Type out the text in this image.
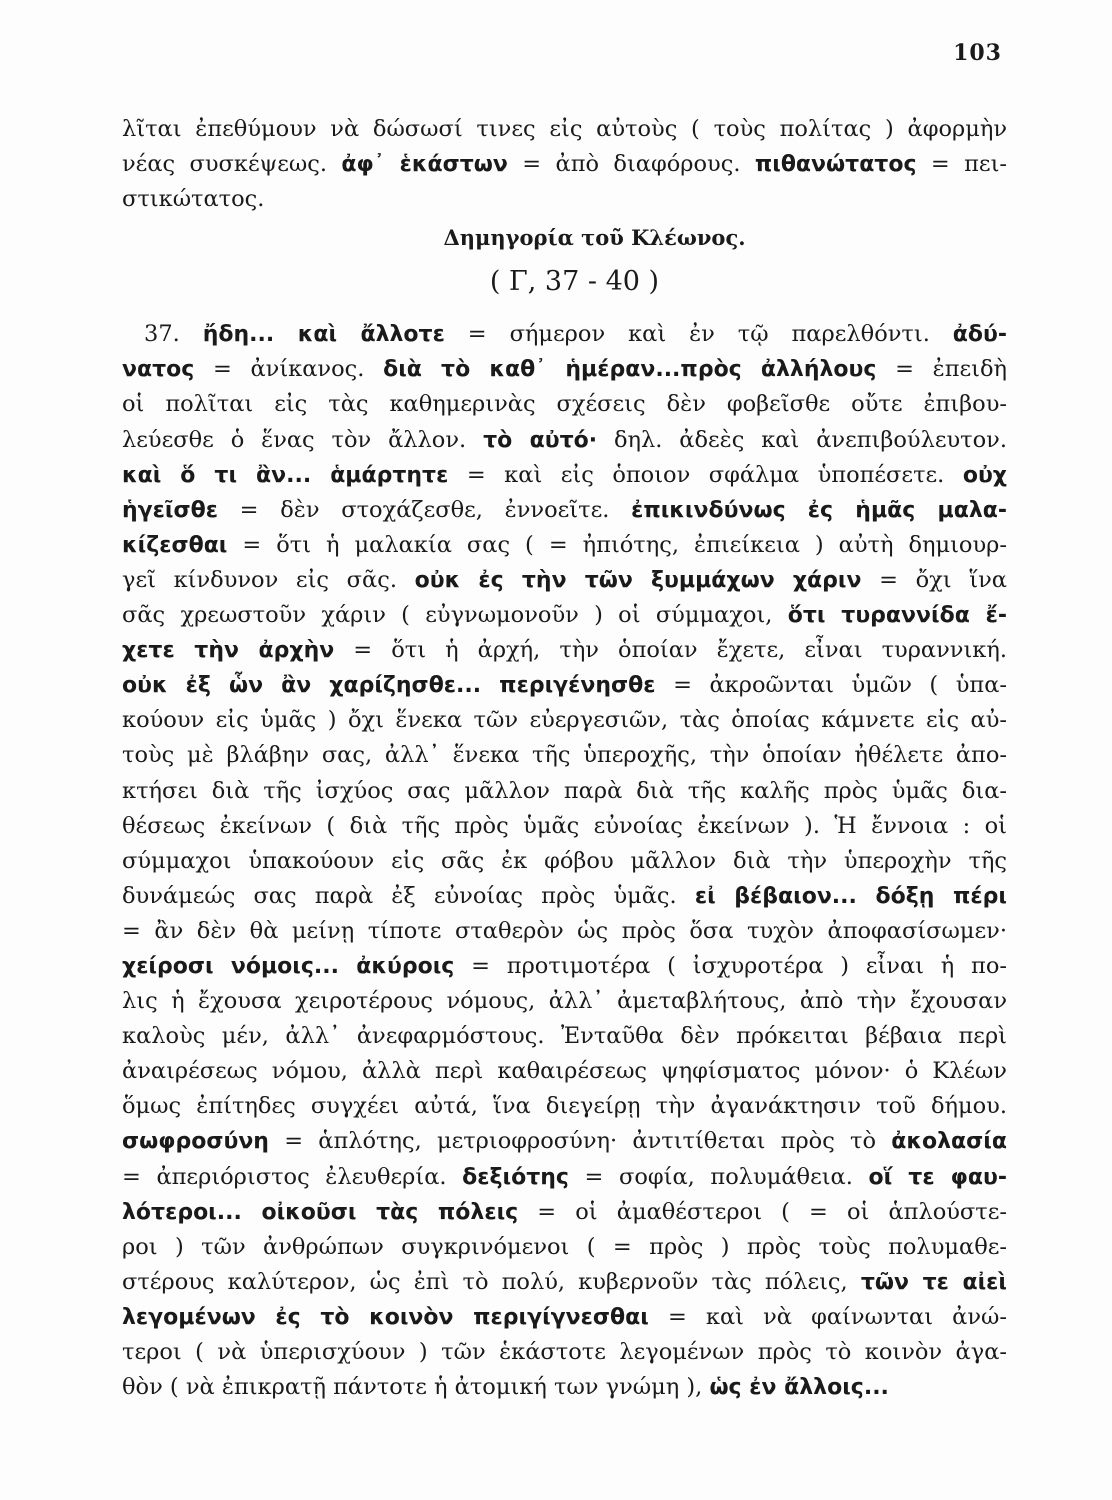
103
λῖται ἐπεθύμουν νὰ δώσωσί τινες εἰς αὐτοὺς ( τοὺς πολίτας ) ἀφορμὴν
νέας συσκέψεως. ἀφ᾽ ἑκάστων = ἀπὸ διαφόρους. πιθανώτατος = πει-
στικώτατος.
Δημηγορία τοῦ Κλέωνος.
( Γ, 37 - 40 )
37. ἤδη... καὶ ἄλλοτε = σήμερον καὶ ἐν τῷ παρελθόντι. ἀδύ-
νατος = ἀνίκανος. διὰ τὸ καθ᾽ ἡμέραν...πρὸς ἀλλήλους = ἐπειδὴ
οἱ πολῖται εἰς τὰς καθημερινὰς σχέσεις δὲν φοβεῖσθε οὔτε ἐπιβου-
λεύεσθε ὁ ἕνας τὸν ἄλλον. τὸ αὐτό· δηλ. ἀδεὲς καὶ ἀνεπιβούλευτον.
καὶ ὅ τι ἂν... ἁμάρτητε = καὶ εἰς ὁποιον σφάλμα ὑποπέσετε. οὐχ
ἡγεῖσθε = δὲν στοχάζεσθε, ἐννοεῖτε. ἐπικινδύνως ἐς ἡμᾶς μαλα-
κίζεσθαι = ὅτι ἡ μαλακία σας ( = ἠπιότης, ἐπιείκεια ) αὐτὴ δημιουρ-
γεῖ κίνδυνον εἰς σᾶς. οὐκ ἐς τὴν τῶν ξυμμάχων χάριν = ὄχι ἵνα
σᾶς χρεωστοῦν χάριν ( εὐγνωμονοῦν ) οἱ σύμμαχοι, ὅτι τυραννίδα ἔ-
χετε τὴν ἀρχὴν = ὅτι ἡ ἀρχή, τὴν ὁποίαν ἔχετε, εἶναι τυραννική.
οὐκ ἐξ ὧν ἂν χαρίζησθε... περιγένησθε = ἀκροῶνται ὑμῶν ( ὑπα-
κούουν εἰς ὑμᾶς ) ὄχι ἕνεκα τῶν εὐεργεσιῶν, τὰς ὁποίας κάμνετε εἰς αὐ-
τοὺς μὲ βλάβην σας, ἀλλ᾽ ἕνεκα τῆς ὑπεροχῆς, τὴν ὁποίαν ἠθέλετε ἀπο-
κτήσει διὰ τῆς ἰσχύος σας μᾶλλον παρὰ διὰ τῆς καλῆς πρὸς ὑμᾶς δια-
θέσεως ἐκείνων ( διὰ τῆς πρὸς ὑμᾶς εὐνοίας ἐκείνων ). Ἡ ἔννοια : οἱ
σύμμαχοι ὑπακούουν εἰς σᾶς ἐκ φόβου μᾶλλον διὰ τὴν ὑπεροχὴν τῆς
δυνάμεώς σας παρὰ ἐξ εὐνοίας πρὸς ὑμᾶς. εἰ βέβαιον... δόξῃ πέρι
= ἂν δὲν θὰ μείνῃ τίποτε σταθερὸν ὡς πρὸς ὅσα τυχὸν ἀποφασίσωμεν·
χείροσι νόμοις... ἀκύροις = προτιμοτέρα ( ἰσχυροτέρα ) εἶναι ἡ πο-
λις ἡ ἔχουσα χειροτέρους νόμους, ἀλλ᾽ ἀμεταβλήτους, ἀπὸ τὴν ἔχουσαν
καλοὺς μέν, ἀλλ᾽ ἀνεφαρμόστους. Ἐνταῦθα δὲν πρόκειται βέβαια περὶ
ἀναιρέσεως νόμου, ἀλλὰ περὶ καθαιρέσεως ψηφίσματος μόνον· ὁ Κλέων
ὅμως ἐπίτηδες συγχέει αὐτά, ἵνα διεγείρῃ τὴν ἀγανάκτησιν τοῦ δήμου.
σωφροσύνη = ἁπλότης, μετριοφροσύνη· ἀντιτίθεται πρὸς τὸ ἀκολασία
= ἀπεριόριστος ἐλευθερία. δεξιότης = σοφία, πολυμάθεια. οἵ τε φαυ-
λότεροι... οἰκοῦσι τὰς πόλεις = οἱ ἀμαθέστεροι ( = οἱ ἁπλούστε-
ροι ) τῶν ἀνθρώπων συγκρινόμενοι ( = πρὸς ) πρὸς τοὺς πολυμαθε-
στέρους καλύτερον, ὡς ἐπὶ τὸ πολύ, κυβερνοῦν τὰς πόλεις, τῶν τε αἰεὶ
λεγομένων ἐς τὸ κοινὸν περιγίγνεσθαι = καὶ νὰ φαίνωνται ἀνώ-
τεροι ( νὰ ὑπερισχύουν ) τῶν ἑκάστοτε λεγομένων πρὸς τὸ κοινὸν ἀγα-
θὸν ( νὰ ἐπικρατῇ πάντοτε ἡ ἀτομική των γνώμη ), ὡς ἐν ἄλλοις...
